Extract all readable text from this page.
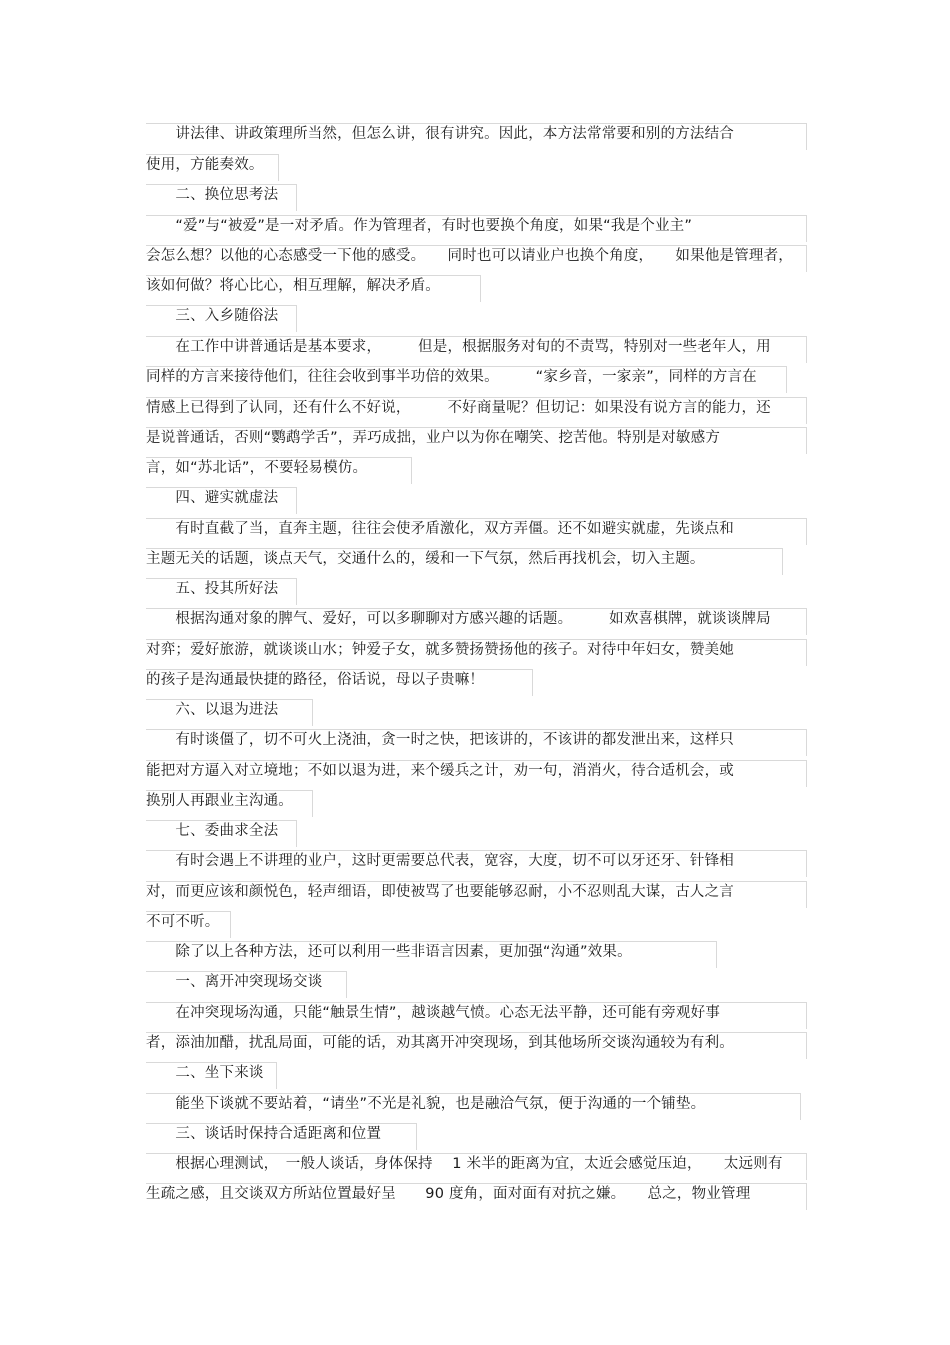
　　讲法律、讲政策理所当然，但怎么讲，很有讲究。因此，本方法常常要和别的方法结合
使用，方能奏效。
　　二、换位思考法
　　“爱”与“被爱”是一对矛盾。作为管理者，有时也要换个角度，如果“我是个业主”
会怎么想？以他的心态感受一下他的感受。　　同时也可以请业户也换个角度，　　如果他是管理者，
该如何做？将心比心，相互理解，解决矛盾。
　　三、入乡随俗法
　　在工作中讲普通话是基本要求，　　　但是，根据服务对旬的不责骂，特别对一些老年人，用
同样的方言来接待他们，往往会收到事半功倍的效果。　　　“家乡音，一家亲”，同样的方言在
情感上已得到了认同，还有什么不好说，　　　不好商量呢？但切记：如果没有说方言的能力，还
是说普通话，否则“鹦鹉学舌”，弄巧成拙，业户以为你在嘲笑、挖苦他。特别是对敏感方
言，如“苏北话”，不要轻易模仿。
　　四、避实就虚法
　　有时直截了当，直奔主题，往往会使矛盾激化，双方弄僵。还不如避实就虚，先谈点和
主题无关的话题，谈点天气，交通什么的，缓和一下气氛，然后再找机会，切入主题。
　　五、投其所好法
　　根据沟通对象的脾气、爱好，可以多聊聊对方感兴趣的话题。　　　如欢喜棋牌，就谈谈牌局
对弈；爱好旅游，就谈谈山水；钟爱子女，就多赞扬赞扬他的孩子。对待中年妇女，赞美她
的孩子是沟通最快捷的路径，俗话说，母以子贵嘛！
　　六、以退为进法
　　有时谈僵了，切不可火上浇油，贪一时之快，把该讲的，不该讲的都发泄出来，这样只
能把对方逼入对立境地；不如以退为进，来个缓兵之计，劝一句，消消火，待合适机会，或
换别人再跟业主沟通。
　　七、委曲求全法
　　有时会遇上不讲理的业户，这时更需要总代表，宽容，大度，切不可以牙还牙、针锋相
对，而更应该和颜悦色，轻声细语，即使被骂了也要能够忍耐，小不忍则乱大谋，古人之言
不可不听。
　　除了以上各种方法，还可以利用一些非语言因素，更加强“沟通”效果。
　　一、离开冲突现场交谈
　　在冲突现场沟通，只能“触景生情”，越谈越气愤。心态无法平静，还可能有旁观好事
者，添油加醋，扰乱局面，可能的话，劝其离开冲突现场，到其他场所交谈沟通较为有利。
　　二、坐下来谈
　　能坐下谈就不要站着，“请坐”不光是礼貌，也是融洽气氛，便于沟通的一个铺垫。
　　三、谈话时保持合适距离和位置
　　根据心理测试，　一般人谈话，身体保持　 1 米半的距离为宜，太近会感觉压迫，　　太远则有
生疏之感，且交谈双方所站位置最好呈　　90 度角，面对面有对抗之嫌。　　总之，物业管理
